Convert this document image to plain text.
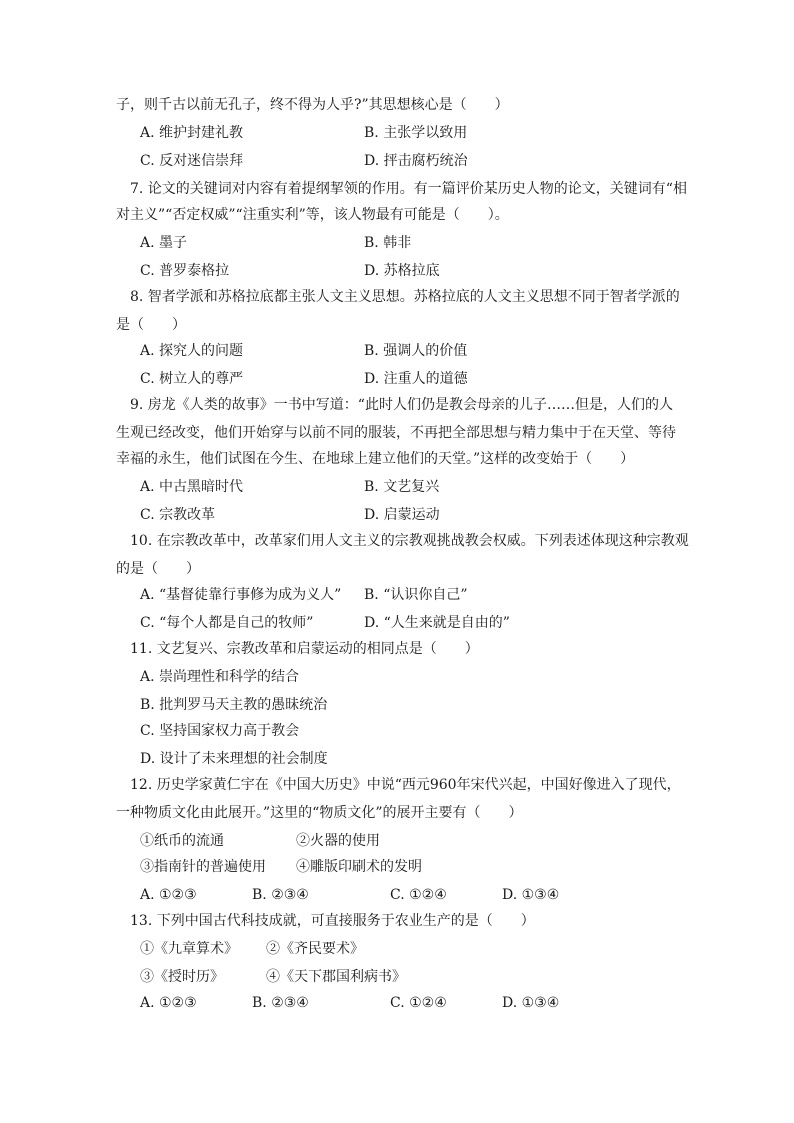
子，则千古以前无孔子，终不得为人乎?”其思想核心是（　　）
A. 维护封建礼教	B. 主张学以致用
C. 反对迷信崇拜	D. 抨击腐朽统治
7. 论文的关键词对内容有着提纲挈领的作用。有一篇评价某历史人物的论文，关键词有“相
对主义”“否定权威”“注重实利”等，该人物最有可能是（　　）。
A. 墨子	B. 韩非
C. 普罗泰格拉	D. 苏格拉底
8. 智者学派和苏格拉底都主张人文主义思想。苏格拉底的人文主义思想不同于智者学派的
是（　　）
A. 探究人的问题	B. 强调人的价值
C. 树立人的尊严	D. 注重人的道德
9. 房龙《人类的故事》一书中写道：“此时人们仍是教会母亲的儿子……但是，人们的人
生观已经改变，他们开始穿与以前不同的服装，不再把全部思想与精力集中于在天堂、等待
幸福的永生，他们试图在今生、在地球上建立他们的天堂。”这样的改变始于（　　）
A. 中古黑暗时代	B. 文艺复兴
C. 宗教改革	D. 启蒙运动
10. 在宗教改革中，改革家们用人文主义的宗教观挑战教会权威。下列表述体现这种宗教观
的是（　　）
A. “基督徒靠行事修为成为义人” B. “认识你自己”
C. “每个人都是自己的牧师”	D. “人生来就是自由的”
11. 文艺复兴、宗教改革和启蒙运动的相同点是（　　）
A. 崇尚理性和科学的结合
B. 批判罗马天主教的愚昧统治
C. 坚持国家权力高于教会
D. 设计了未来理想的社会制度
12. 历史学家黄仁宇在《中国大历史》中说“西元960年宋代兴起，中国好像进入了现代，
一种物质文化由此展开。”这里的“物质文化”的展开主要有（　　）
①纸币的流通	②火器的使用
③指南针的普遍使用 ④雕版印刷术的发明
A. ①②③	B. ②③④	C. ①②④	D. ①③④
13. 下列中国古代科技成就，可直接服务于农业生产的是（　　）
①《九章算术》 ②《齐民要术》
③《授时历》	④《天下郡国利病书》
A. ①②③	B. ②③④	C. ①②④	D. ①③④
